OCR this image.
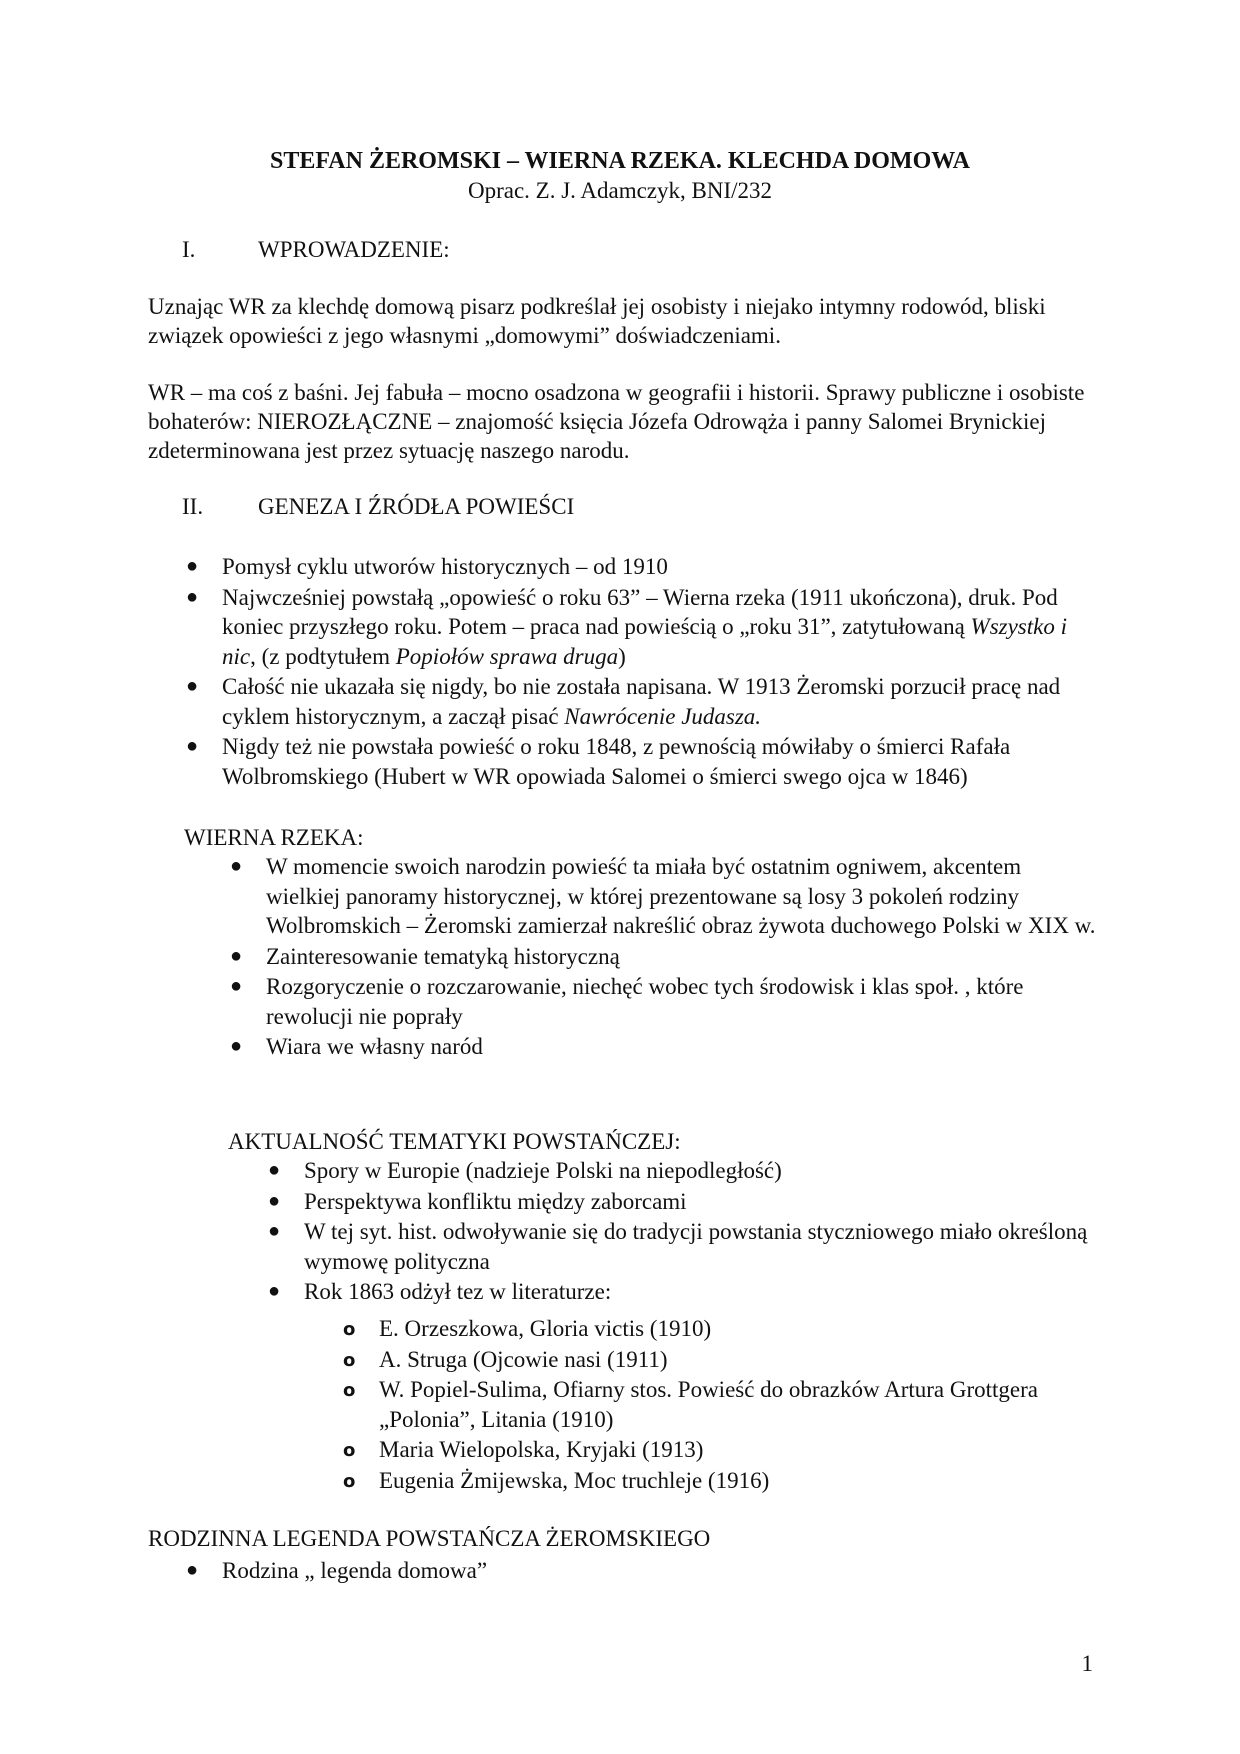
STEFAN ŻEROMSKI – WIERNA RZEKA. KLECHDA DOMOWA
Oprac. Z. J. Adamczyk, BNI/232
I.	WPROWADZENIE:
Uznając WR za klechdę domową pisarz podkreślał jej osobisty i niejako intymny rodowód, bliski związek opowieści z jego własnymi „domowymi” doświadczeniami.
WR – ma coś z baśni. Jej fabuła – mocno osadzona w geografii i historii. Sprawy publiczne i osobiste bohaterów: NIEROZŁĄCZNE – znajomość księcia Józefa Odrowąża i panny Salomei Brynickiej zdeterminowana jest przez sytuację naszego narodu.
II. GENEZA I ŹRÓDŁA POWIEŚCI
● Pomysł cyklu utworów historycznych – od 1910
● Najwcześniej powstałą „opowieść o roku 63” – Wierna rzeka (1911 ukończona), druk. Pod koniec przyszłego roku. Potem – praca nad powieścią o „roku 31”, zatytułowaną Wszystko i nic, (z podtytułem Popiołów sprawa druga)
● Całość nie ukazała się nigdy, bo nie została napisana. W 1913 Żeromski porzucił pracę nad cyklem historycznym, a zaczął pisać Nawrócenie Judasza.
● Nigdy też nie powstała powieść o roku 1848, z pewnością mówiłaby o śmierci Rafała Wolbromskiego (Hubert w WR opowiada Salomei o śmierci swego ojca w 1846)
WIERNA RZEKA:
● W momencie swoich narodzin powieść ta miała być ostatnim ogniwem, akcentem wielkiej panoramy historycznej, w której prezentowane są losy 3 pokoleń rodziny Wolbromskich – Żeromski zamierzał nakreślić obraz żywota duchowego Polski w XIX w.
● Zainteresowanie tematyką historyczną
● Rozgoryczenie o rozczarowanie, niechęć wobec tych środowisk i klas społ. , które rewolucji nie poprały
● Wiara we własny naród
AKTUALNOŚĆ TEMATYKI POWSTAŃCZEJ:
● Spory w Europie (nadzieje Polski na niepodległość)
● Perspektywa konfliktu między zaborcami
● W tej syt. hist. odwoływanie się do tradycji powstania styczniowego miało określoną wymowę polityczna
● Rok 1863 odżył tez w literaturze:
o E. Orzeszkowa, Gloria victis (1910)
o A. Struga (Ojcowie nasi (1911)
o W. Popiel-Sulima, Ofiarny stos. Powieść do obrazków Artura Grottgera „Polonia”, Litania (1910)
o Maria Wielopolska, Kryjaki (1913)
o Eugenia Żmijewska, Moc truchleje (1916)
RODZINNA LEGENDA POWSTAŃCZA ŻEROMSKIEGO
● Rodzina „ legenda domowa”
1
